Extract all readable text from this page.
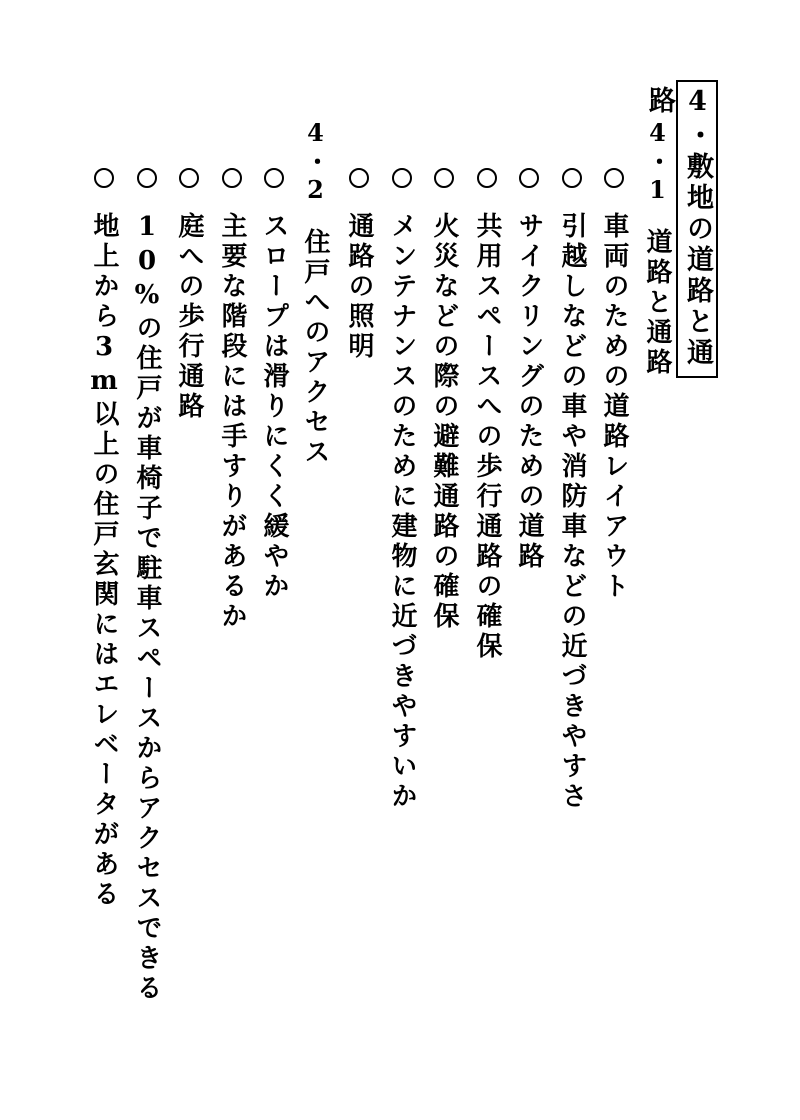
4・敷地の道路と通路
4・1
道路と通路
車両のための道路レイアウト
引越しなどの車や消防車などの近づきやすさ
サイクリングのための道路
共用スペースへの歩行通路の確保
火災などの際の避難通路の確保
メンテナンスのために建物に近づきやすいか
通路の照明
4・2
住戸へのアクセス
スロープは滑りにくく緩やか
主要な階段には手すりがあるか
庭への歩行通路
10%の住戸が車椅子で駐車スペースからアクセスできる
地上から3m以上の住戸玄関にはエレベータがある
